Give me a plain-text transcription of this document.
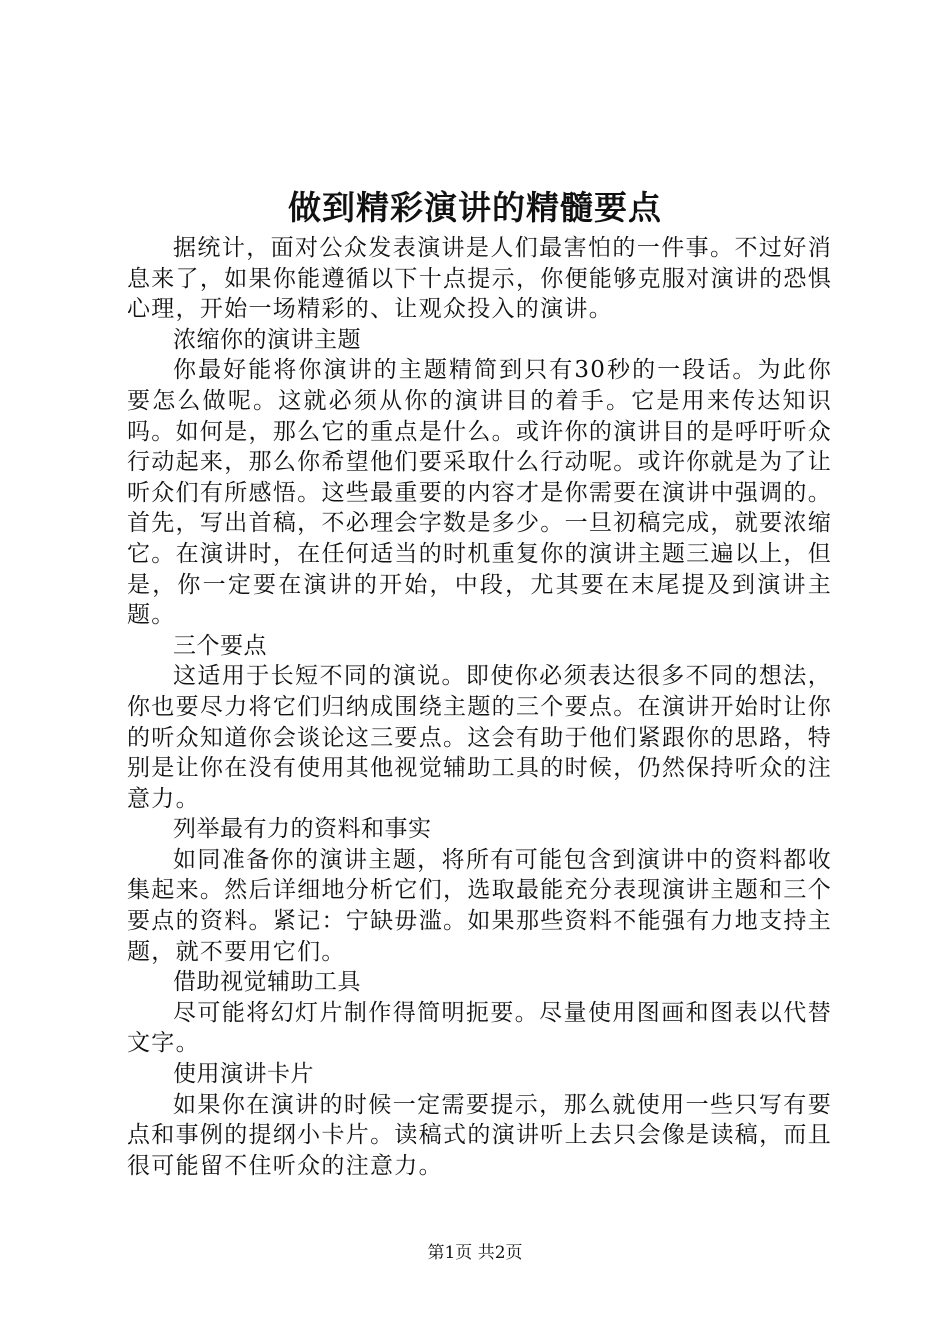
做到精彩演讲的精髓要点

据统计，面对公众发表演讲是人们最害怕的一件事。不过好消息来了，如果你能遵循以下十点提示，你便能够克服对演讲的恐惧心理，开始一场精彩的、让观众投入的演讲。

浓缩你的演讲主题

你最好能将你演讲的主题精简到只有30秒的一段话。为此你要怎么做呢。这就必须从你的演讲目的着手。它是用来传达知识吗。如何是，那么它的重点是什么。或许你的演讲目的是呼吁听众行动起来，那么你希望他们要采取什么行动呢。或许你就是为了让听众们有所感悟。这些最重要的内容才是你需要在演讲中强调的。首先，写出首稿，不必理会字数是多少。一旦初稿完成，就要浓缩它。在演讲时，在任何适当的时机重复你的演讲主题三遍以上，但是，你一定要在演讲的开始，中段，尤其要在末尾提及到演讲主题。

三个要点

这适用于长短不同的演说。即使你必须表达很多不同的想法，你也要尽力将它们归纳成围绕主题的三个要点。在演讲开始时让你的听众知道你会谈论这三要点。这会有助于他们紧跟你的思路，特别是让你在没有使用其他视觉辅助工具的时候，仍然保持听众的注意力。

列举最有力的资料和事实

如同准备你的演讲主题，将所有可能包含到演讲中的资料都收集起来。然后详细地分析它们，选取最能充分表现演讲主题和三个要点的资料。紧记：宁缺毋滥。如果那些资料不能强有力地支持主题，就不要用它们。

借助视觉辅助工具

尽可能将幻灯片制作得简明扼要。尽量使用图画和图表以代替文字。

使用演讲卡片

如果你在演讲的时候一定需要提示，那么就使用一些只写有要点和事例的提纲小卡片。读稿式的演讲听上去只会像是读稿，而且很可能留不住听众的注意力。

第1页 共2页
